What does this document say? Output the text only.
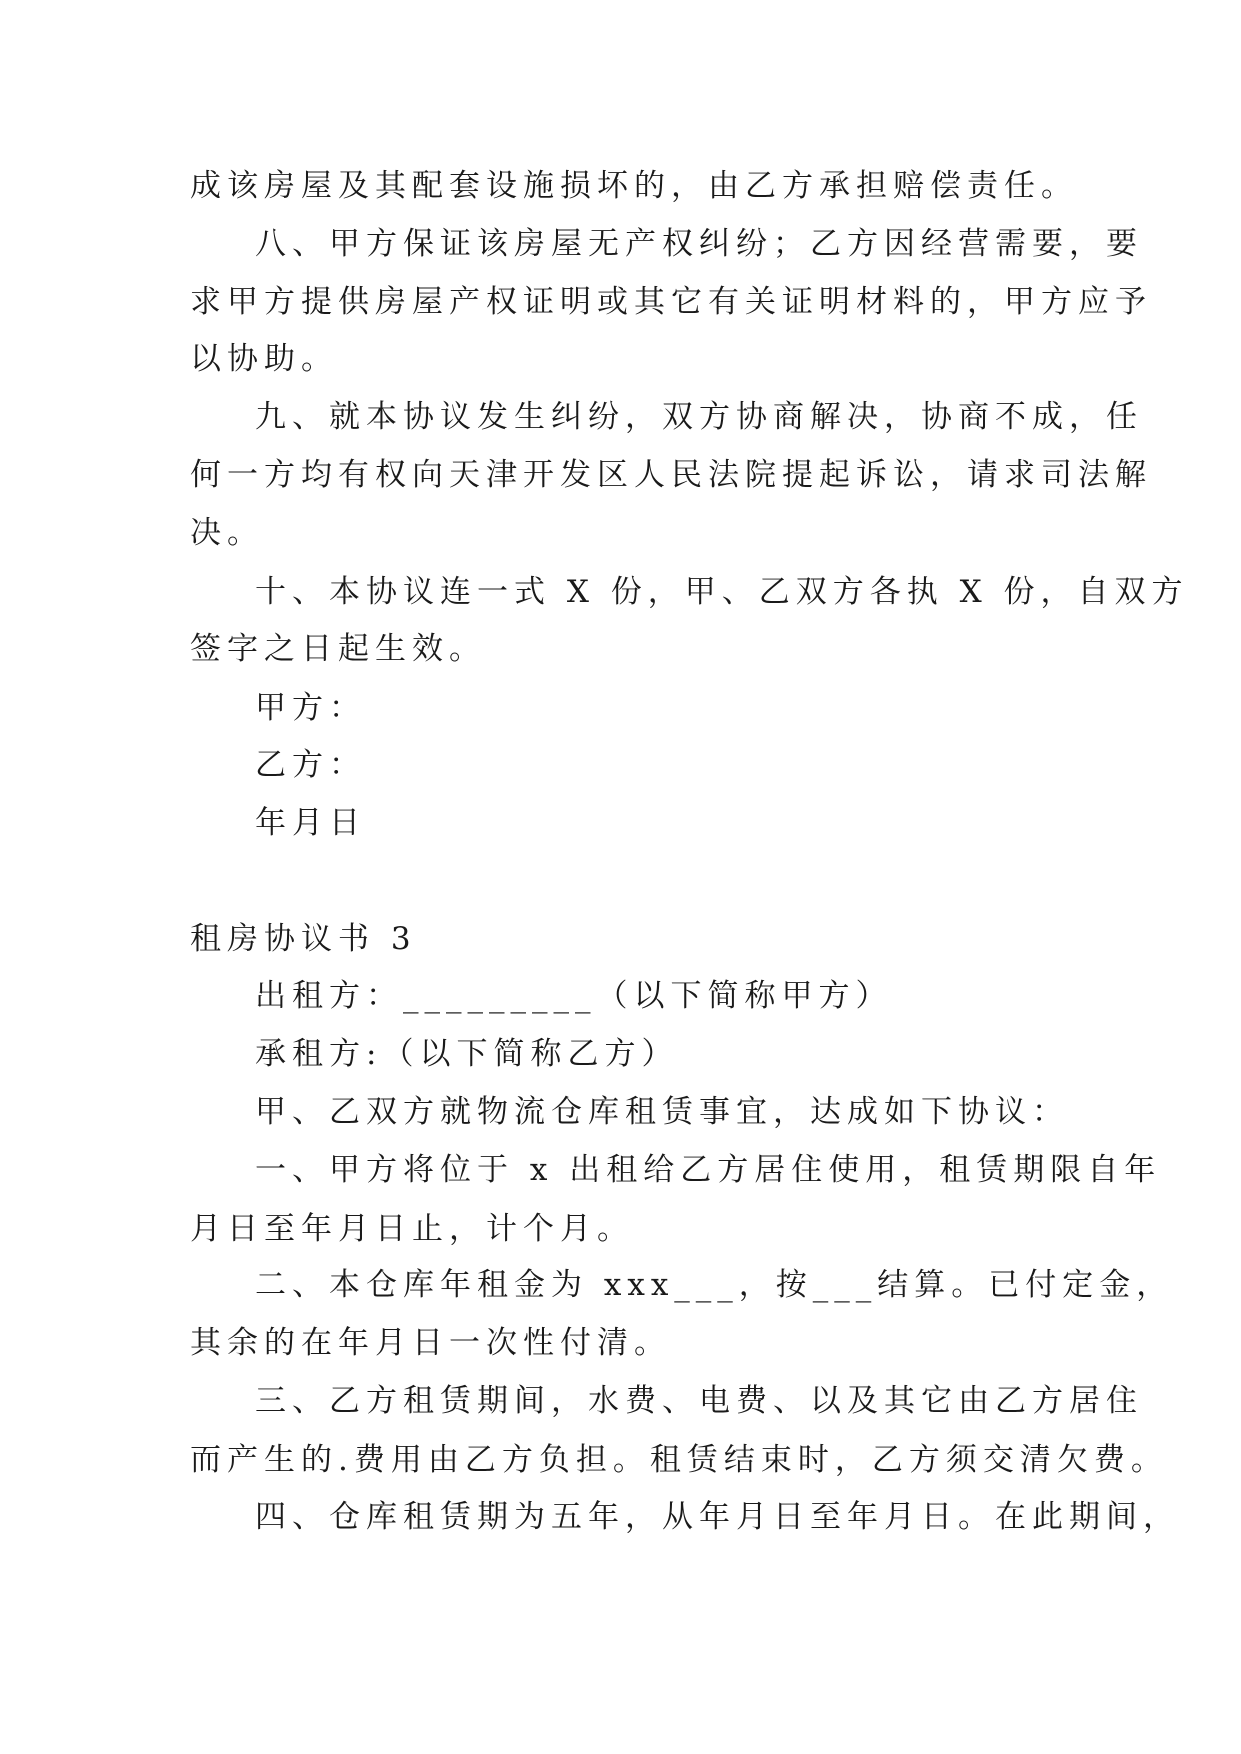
成该房屋及其配套设施损坏的，由乙方承担赔偿责任。
八、甲方保证该房屋无产权纠纷；乙方因经营需要，要
求甲方提供房屋产权证明或其它有关证明材料的，甲方应予
以协助。
九、就本协议发生纠纷，双方协商解决，协商不成，任
何一方均有权向天津开发区人民法院提起诉讼，请求司法解
决。
十、本协议连一式 X 份，甲、乙双方各执 X 份，自双方
签字之日起生效。
甲方：
乙方：
年月日
租房协议书 3
出租方：_________（以下简称甲方）
承租方:（以下简称乙方）
甲、乙双方就物流仓库租赁事宜，达成如下协议：
一、甲方将位于 x 出租给乙方居住使用，租赁期限自年
月日至年月日止，计个月。
二、本仓库年租金为 xxx___，按___结算。已付定金，
其余的在年月日一次性付清。
三、乙方租赁期间，水费、电费、以及其它由乙方居住
而产生的.费用由乙方负担。租赁结束时，乙方须交清欠费。
四、仓库租赁期为五年，从年月日至年月日。在此期间，
